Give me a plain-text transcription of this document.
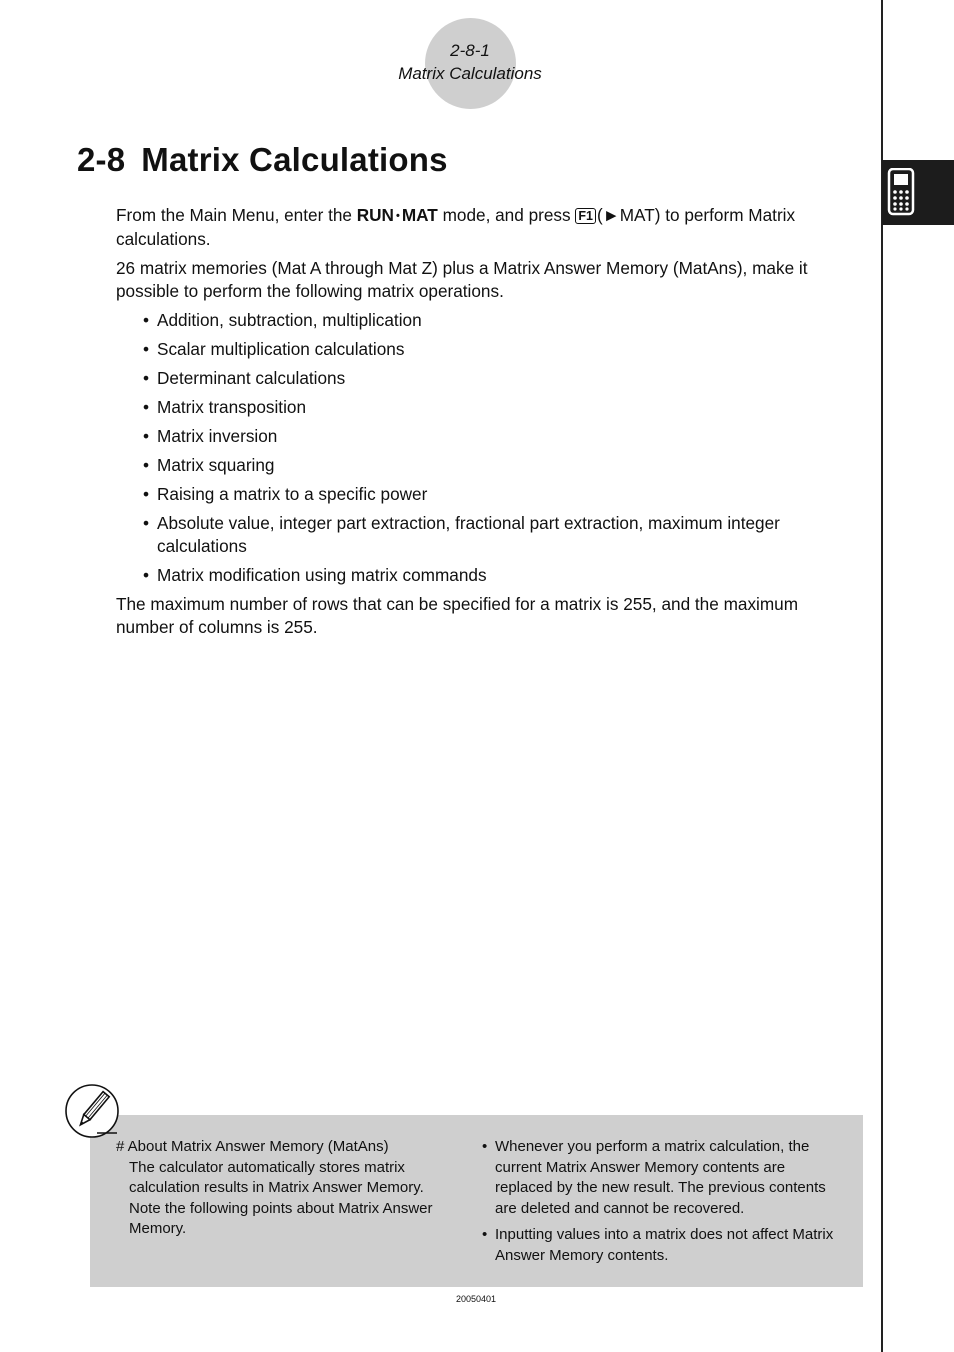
2-8-1
Matrix Calculations
2-8 Matrix Calculations

From the Main Menu, enter the RUN • MAT mode, and press F1 (►MAT) to perform Matrix calculations.

26 matrix memories (Mat A through Mat Z) plus a Matrix Answer Memory (MatAns), make it possible to perform the following matrix operations.

• Addition, subtraction, multiplication
• Scalar multiplication calculations
• Determinant calculations
• Matrix transposition
• Matrix inversion
• Matrix squaring
• Raising a matrix to a specific power
• Absolute value, integer part extraction, fractional part extraction, maximum integer calculations
• Matrix modification using matrix commands

The maximum number of rows that can be specified for a matrix is 255, and the maximum number of columns is 255.

# About Matrix Answer Memory (MatAns)

The calculator automatically stores matrix calculation results in Matrix Answer Memory. Note the following points about Matrix Answer Memory.

• Whenever you perform a matrix calculation, the current Matrix Answer Memory contents are replaced by the new result. The previous contents are deleted and cannot be recovered.
• Inputting values into a matrix does not affect Matrix Answer Memory contents.
20050401
